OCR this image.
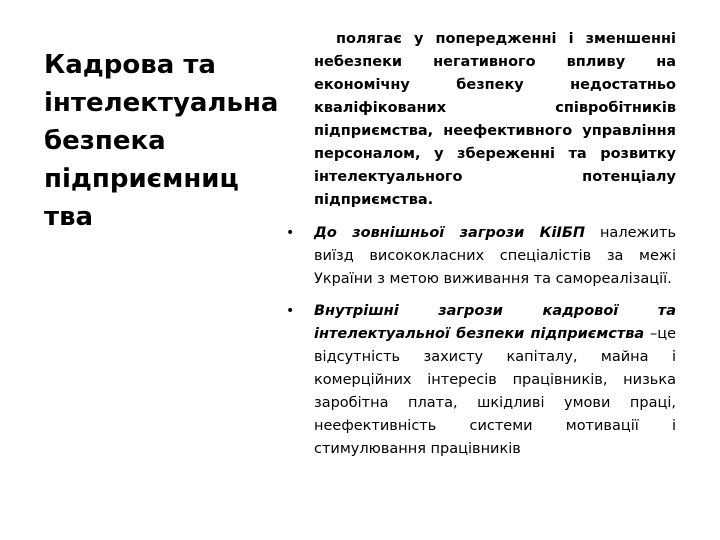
Кадрова та
інтелектуальна
безпека
підприємниц
тва

полягає у попередженні і зменшенні небезпеки негативного впливу на економічну безпеку недостатньо кваліфікованих співробітників підприємства, неефективного управління персоналом, у збереженні та розвитку інтелектуального потенціалу підприємства.

• До зовнішньої загрози КіІБП належить виїзд висококласних спеціалістів за межі України з метою виживання та самореалізації.
• Внутрішні загрози кадрової та інтелектуальної безпеки підприємства –це відсутність захисту капіталу, майна і комерційних інтересів працівників, низька заробітна плата, шкідливі умови праці, неефективність системи мотивації і стимулювання працівників
